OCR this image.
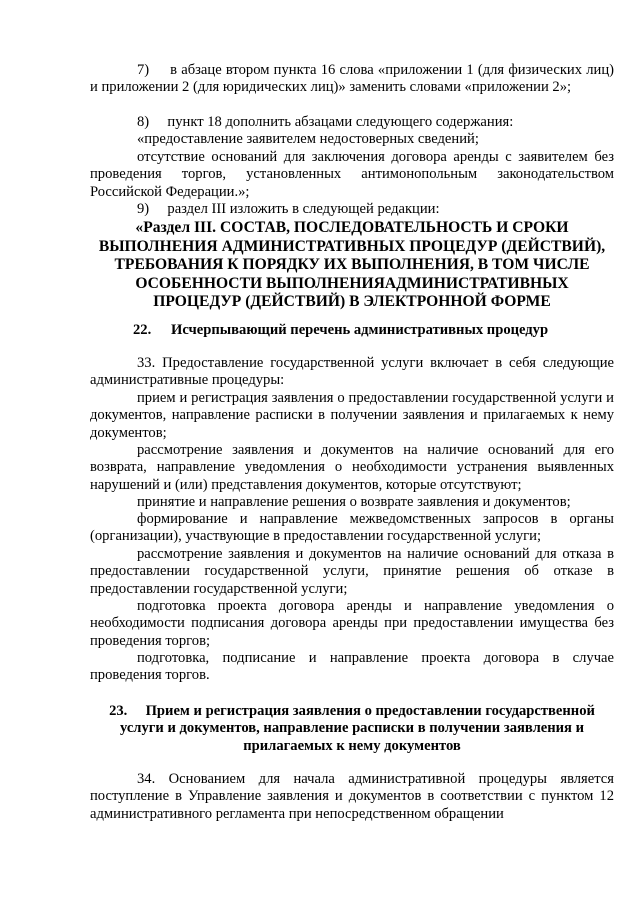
7)     в абзаце втором пункта 16 слова «приложении 1 (для физических лиц) и приложении 2 (для юридических лиц)» заменить словами «приложении 2»;

8)     пункт 18 дополнить абзацами следующего содержания:

«предоставление заявителем недостоверных сведений;

отсутствие оснований для заключения договора аренды с заявителем без проведения торгов, установленных антимонопольным законодательством Российской Федерации.»;

9)     раздел III изложить в следующей редакции:

«Раздел III. СОСТАВ, ПОСЛЕДОВАТЕЛЬНОСТЬ И СРОКИ ВЫПОЛНЕНИЯ АДМИНИСТРАТИВНЫХ ПРОЦЕДУР (ДЕЙСТВИЙ), ТРЕБОВАНИЯ К ПОРЯДКУ ИХ ВЫПОЛНЕНИЯ, В ТОМ ЧИСЛЕ ОСОБЕННОСТИ ВЫПОЛНЕНИЯАДМИНИСТРАТИВНЫХ ПРОЦЕДУР (ДЕЙСТВИЙ) В ЭЛЕКТРОННОЙ ФОРМЕ

22. Исчерпывающий перечень административных процедур

33. Предоставление государственной услуги включает в себя следующие административные процедуры:

прием и регистрация заявления о предоставлении государственной услуги и документов, направление расписки в получении заявления и прилагаемых к нему документов;

рассмотрение заявления и документов на наличие оснований для его возврата, направление уведомления о необходимости устранения выявленных нарушений и (или) представления документов, которые отсутствуют;

принятие и направление решения о возврате заявления и документов;

формирование и направление межведомственных запросов в органы (организации), участвующие в предоставлении государственной услуги;

рассмотрение заявления и документов на наличие оснований для отказа в предоставлении государственной услуги, принятие решения об отказе в предоставлении государственной услуги;

подготовка проекта договора аренды и направление уведомления о необходимости подписания договора аренды при предоставлении имущества без проведения торгов;

подготовка, подписание и направление проекта договора в случае проведения торгов.

23. Прием и регистрация заявления о предоставлении государственной услуги и документов, направление расписки в получении заявления и прилагаемых к нему документов

34. Основанием для начала административной процедуры является поступление в Управление заявления и документов в соответствии с пунктом 12 административного регламента при непосредственном обращении
